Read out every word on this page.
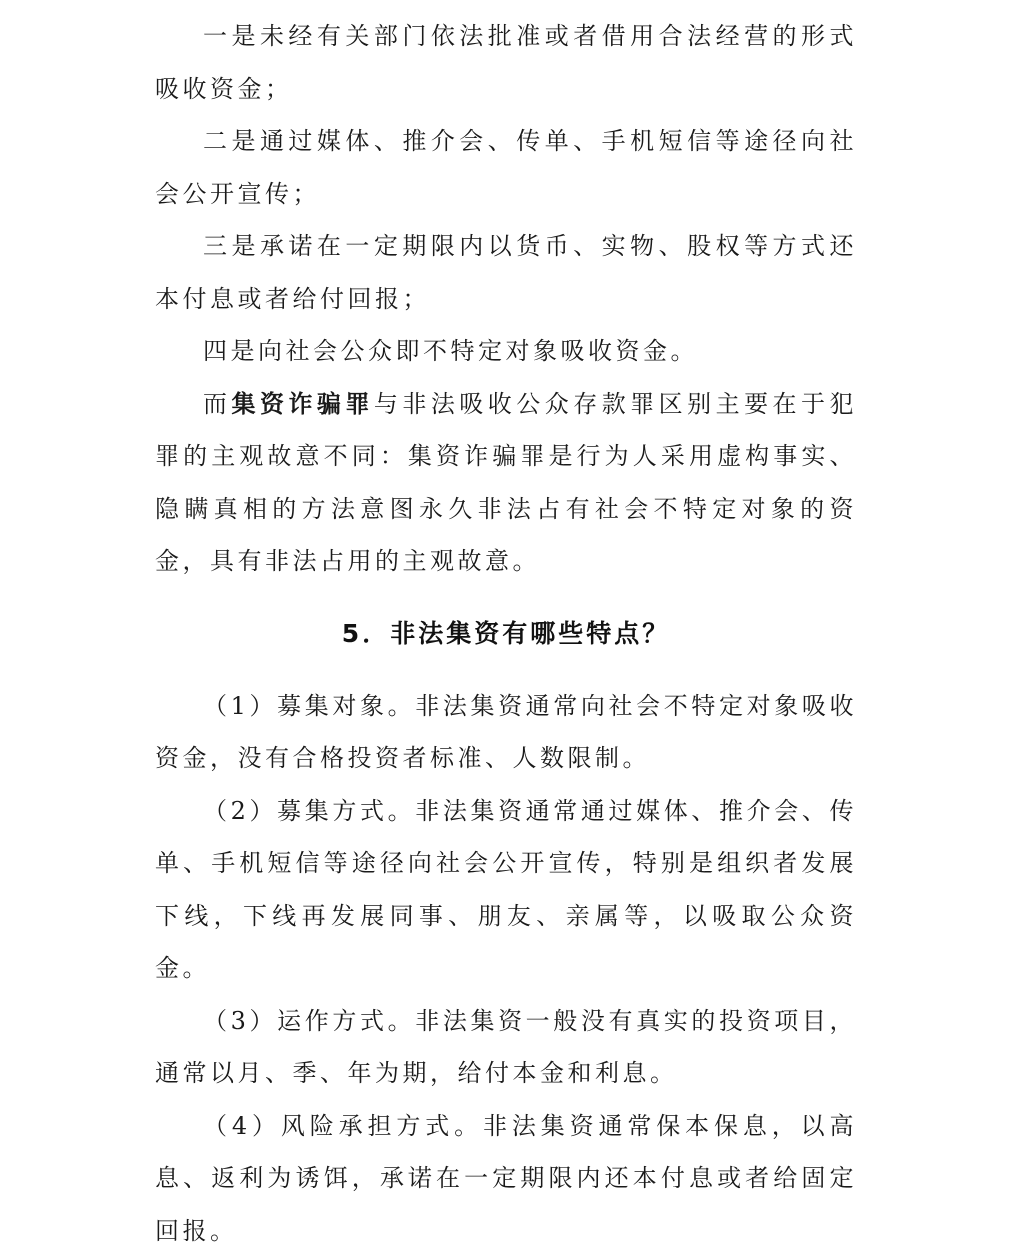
一是未经有关部门依法批准或者借用合法经营的形式吸收资金；

二是通过媒体、推介会、传单、手机短信等途径向社会公开宣传；

三是承诺在一定期限内以货币、实物、股权等方式还本付息或者给付回报；

四是向社会公众即不特定对象吸收资金。

而集资诈骗罪与非法吸收公众存款罪区别主要在于犯罪的主观故意不同：集资诈骗罪是行为人采用虚构事实、隐瞒真相的方法意图永久非法占有社会不特定对象的资金，具有非法占用的主观故意。

5．非法集资有哪些特点？

（1）募集对象。非法集资通常向社会不特定对象吸收资金，没有合格投资者标准、人数限制。

（2）募集方式。非法集资通常通过媒体、推介会、传单、手机短信等途径向社会公开宣传，特别是组织者发展下线，下线再发展同事、朋友、亲属等，以吸取公众资金。

（3）运作方式。非法集资一般没有真实的投资项目，通常以月、季、年为期，给付本金和利息。

（4）风险承担方式。非法集资通常保本保息，以高息、返利为诱饵，承诺在一定期限内还本付息或者给固定回报。
